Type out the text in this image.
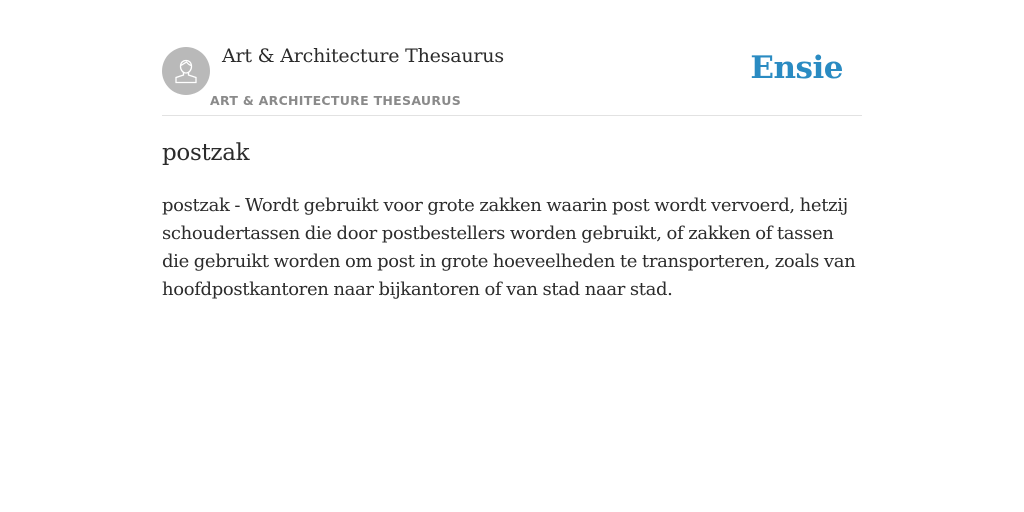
Art & Architecture Thesaurus
ART & ARCHITECTURE THESAURUS
Ensie
postzak

postzak - Wordt gebruikt voor grote zakken waarin post wordt vervoerd, hetzij schoudertassen die door postbestellers worden gebruikt, of zakken of tassen die gebruikt worden om post in grote hoeveelheden te transporteren, zoals van hoofdpostkantoren naar bijkantoren of van stad naar stad.
